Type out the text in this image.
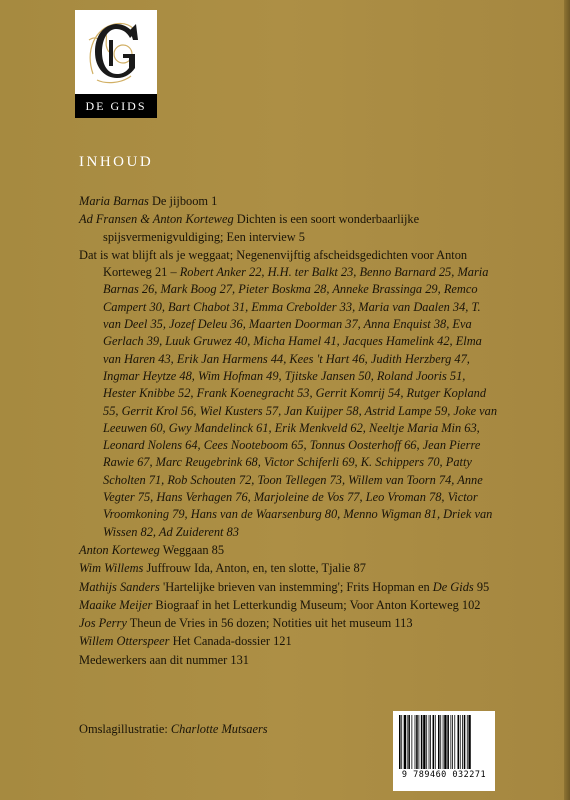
DE GIDS
INHOUD
Maria Barnas De jijboom 1
Ad Fransen & Anton Korteweg Dichten is een soort wonderbaarlijke spijsvermenigvuldiging; Een interview 5
Dat is wat blijft als je weggaat; Negenenvijftig afscheidsgedichten voor Anton Korteweg 21 – Robert Anker 22, H.H. ter Balkt 23, Benno Barnard 25, Maria Barnas 26, Mark Boog 27, Pieter Boskma 28, Anneke Brassinga 29, Remco Campert 30, Bart Chabot 31, Emma Crebolder 33, Maria van Daalen 34, T. van Deel 35, Jozef Deleu 36, Maarten Doorman 37, Anna Enquist 38, Eva Gerlach 39, Luuk Gruwez 40, Micha Hamel 41, Jacques Hamelink 42, Elma van Haren 43, Erik Jan Harmens 44, Kees 't Hart 46, Judith Herzberg 47, Ingmar Heytze 48, Wim Hofman 49, Tjitske Jansen 50, Roland Jooris 51, Hester Knibbe 52, Frank Koenegracht 53, Gerrit Komrij 54, Rutger Kopland 55, Gerrit Krol 56, Wiel Kusters 57, Jan Kuijper 58, Astrid Lampe 59, Joke van Leeuwen 60, Gwy Mandelinck 61, Erik Menkveld 62, Neeltje Maria Min 63, Leonard Nolens 64, Cees Nooteboom 65, Tonnus Oosterhoff 66, Jean Pierre Rawie 67, Marc Reugebrink 68, Victor Schiferli 69, K. Schippers 70, Patty Scholten 71, Rob Schouten 72, Toon Tellegen 73, Willem van Toorn 74, Anne Vegter 75, Hans Verhagen 76, Marjoleine de Vos 77, Leo Vroman 78, Victor Vroomkoning 79, Hans van de Waarsenburg 80, Menno Wigman 81, Driek van Wissen 82, Ad Zuiderent 83
Anton Korteweg Weggaan 85
Wim Willems Juffrouw Ida, Anton, en, ten slotte, Tjalie 87
Mathijs Sanders 'Hartelijke brieven van instemming'; Frits Hopman en De Gids 95
Maaike Meijer Biograaf in het Letterkundig Museum; Voor Anton Korteweg 102
Jos Perry Theun de Vries in 56 dozen; Notities uit het museum 113
Willem Otterspeer Het Canada-dossier 121
Medewerkers aan dit nummer 131
Omslagillustratie: Charlotte Mutsaers
9 789460 032271
